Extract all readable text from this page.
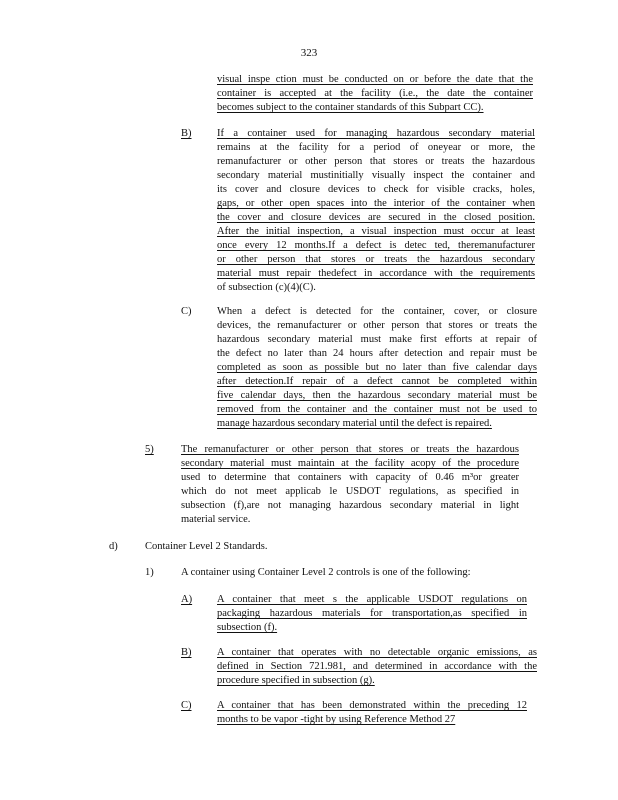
323
visual inspe ction must be conducted on or before the date that the
container is accepted at the facility (i.e., the date the container
becomes subject to the container standards of this Subpart CC).
B) If a container used for managing hazardous secondary material
remains at the facility for a period of oneyear or more, the
remanufacturer or other person that stores or treats the hazardous
secondary material mustinitially visually inspect the container and
its cover and closure devices to check for visible cracks, holes,
gaps, or other open spaces into the interior of the container when
the cover and closure devices are secured in the closed position.
After the initial inspection, a visual inspection must occur at least
once every 12 months.If a defect is detec ted, theremanufacturer
or other person that stores or treats the hazardous secondary
material must repair thedefect in accordance with the requirements
of subsection (c)(4)(C).
C) When a defect is detected for the container, cover, or closure
devices, the remanufacturer or other person that stores or treats the
hazardous secondary material must make first efforts at repair of
the defect no later than 24 hours after detection and repair must be
completed as soon as possible but no later than five calendar days
after detection.If repair of a defect cannot be completed within
five calendar days, then the hazardous secondary material must be
removed from the container and the container must not be used to
manage hazardous secondary material until the defect is repaired.
5)	The remanufacturer or other person that stores or treats the hazardous
secondary material must maintain at the facility acopy of the procedure
used to determine that containers with capacity of 0.46 m³or greater
which do not meet applicab le USDOT regulations, as specified in
subsection (f),are not managing hazardous secondary material in light
material service.
d)	Container Level 2 Standards.
1)	A container using Container Level 2 controls is one of the following:
A) A container that meet s the applicable USDOT regulations on
packaging hazardous materials for transportation,as specified in
subsection (f).
B) A container that operates with no detectable organic emissions, as
defined in Section 721.981, and determined in accordance with the
procedure specified in subsection (g).
C) A container that has been demonstrated within the preceding 12
months to be vapor -tight by using Reference Method 27
